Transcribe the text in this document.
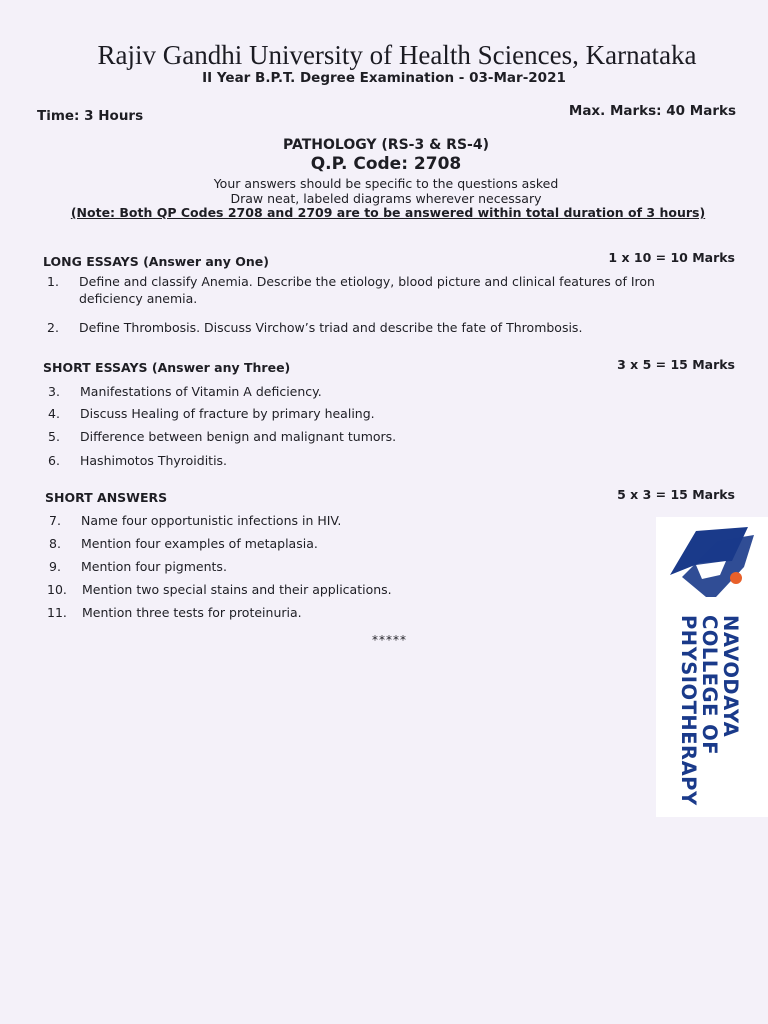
Rajiv Gandhi University of Health Sciences, Karnataka
II Year B.P.T. Degree Examination - 03-Mar-2021
Time: 3 Hours	Max. Marks: 40 Marks
PATHOLOGY (RS-3 & RS-4)
Q.P. Code: 2708
Your answers should be specific to the questions asked
Draw neat, labeled diagrams wherever necessary
(Note: Both QP Codes 2708 and 2709 are to be answered within total duration of 3 hours)
LONG ESSAYS (Answer any One)	1 x 10 = 10 Marks
1. Define and classify Anemia. Describe the etiology, blood picture and clinical features of Iron
deficiency anemia.
2. Define Thrombosis. Discuss Virchow’s triad and describe the fate of Thrombosis.
SHORT ESSAYS (Answer any Three)	3 x 5 = 15 Marks
3. Manifestations of Vitamin A deficiency.
4. Discuss Healing of fracture by primary healing.
5. Difference between benign and malignant tumors.
6. Hashimotos Thyroiditis.
SHORT ANSWERS	5 x 3 = 15 Marks
7. Name four opportunistic infections in HIV.
8. Mention four examples of metaplasia.
9. Mention four pigments.
10. Mention two special stains and their applications.
11. Mention three tests for proteinuria.
*****	NAVODAYA
COLLEGE OF
PHYSIOTHERAPY
